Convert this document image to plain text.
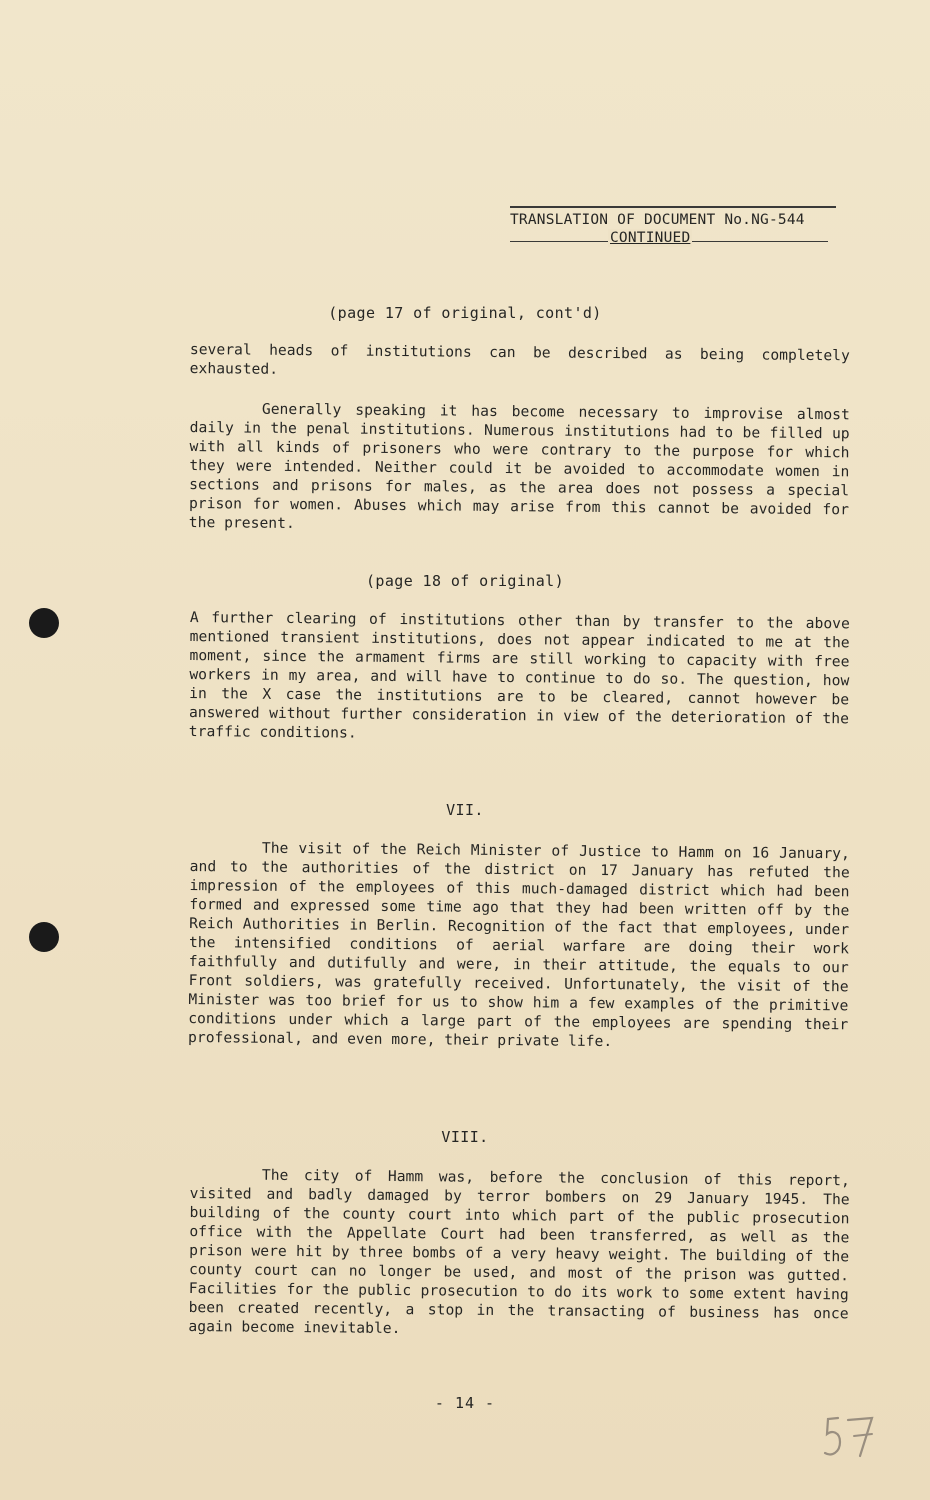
TRANSLATION OF DOCUMENT No.NG-544
CONTINUED
(page 17 of original, cont'd)

several heads of institutions can be described as being completely exhausted.

Generally speaking it has become necessary to improvise almost daily in the penal institutions. Numerous institutions had to be filled up with all kinds of prisoners who were contrary to the purpose for which they were intended. Neither could it be avoided to accommodate women in sections and prisons for males, as the area does not possess a special prison for women. Abuses which may arise from this cannot be avoided for the present.

(page 18 of original)

A further clearing of institutions other than by transfer to the above mentioned transient institutions, does not appear indicated to me at the moment, since the armament firms are still working to capacity with free workers in my area, and will have to continue to do so. The question, how in the X case the institutions are to be cleared, cannot however be answered without further consideration in view of the deterioration of the traffic conditions.

VII.

The visit of the Reich Minister of Justice to Hamm on 16 January, and to the authorities of the district on 17 January has refuted the impression of the employees of this much-damaged district which had been formed and expressed some time ago that they had been written off by the Reich Authorities in Berlin. Recognition of the fact that employees, under the intensified conditions of aerial warfare are doing their work faithfully and dutifully and were, in their attitude, the equals to our Front soldiers, was gratefully received. Unfortunately, the visit of the Minister was too brief for us to show him a few examples of the primitive conditions under which a large part of the employees are spending their professional, and even more, their private life.

VIII.

The city of Hamm was, before the conclusion of this report, visited and badly damaged by terror bombers on 29 January 1945. The building of the county court into which part of the public prosecution office with the Appellate Court had been transferred, as well as the prison were hit by three bombs of a very heavy weight. The building of the county court can no longer be used, and most of the prison was gutted. Facilities for the public prosecution to do its work to some extent having been created recently, a stop in the transacting of business has once again become inevitable.

- 14 -
